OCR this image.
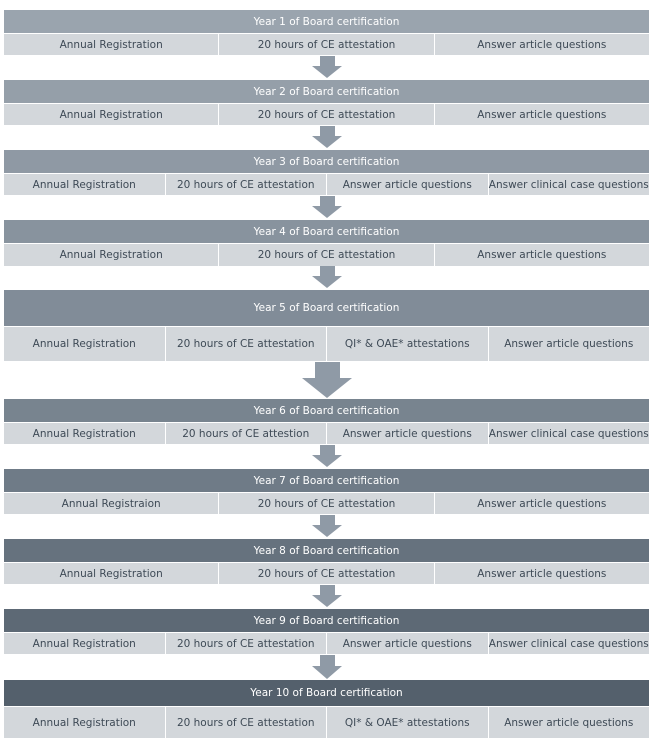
Year 1 of Board certification
Annual Registration	20 hours of CE attestation	Answer article questions
Year 2 of Board certification
Annual Registration	20 hours of CE attestation	Answer article questions
Year 3 of Board certification
Annual Registration	20 hours of CE attestation	Answer article questions	Answer clinical case questions
Year 4 of Board certification
Annual Registration	20 hours of CE attestation	Answer article questions
Year 5 of Board certification
Annual Registration	20 hours of CE attestation	QI* & OAE* attestations	Answer article questions
Year 6 of Board certification
Annual Registration	20 hours of CE attestion	Answer article questions	Answer clinical case questions
Year 7 of Board certification
Annual Registraion	20 hours of CE attestation	Answer article questions
Year 8 of Board certification
Annual Registration	20 hours of CE attestation	Answer article questions
Year 9 of Board certification
Annual Registration	20 hours of CE attestation	Answer article questions	Answer clinical case questions
Year 10 of Board certification
Annual Registration	20 hours of CE attestation	QI* & OAE* attestations	Answer article questions
